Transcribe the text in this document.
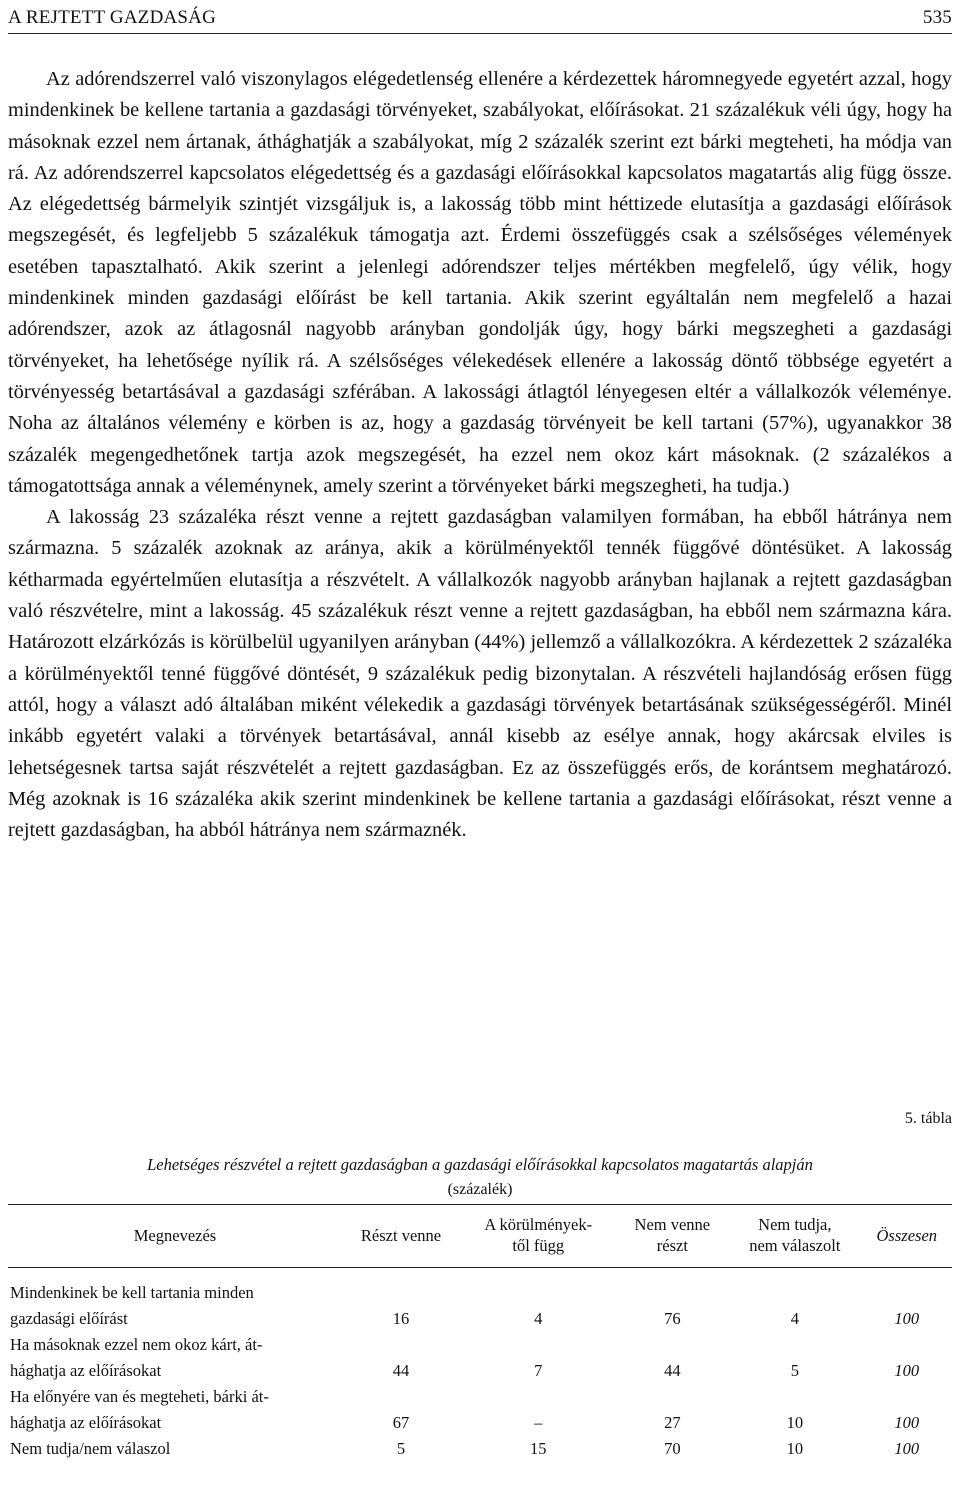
A REJTETT GAZDASÁG	535

Az adórendszerrel való viszonylagos elégedetlenség ellenére a kérdezettek háromnegyede egyetért azzal, hogy mindenkinek be kellene tartania a gazdasági törvényeket, szabályokat, előírásokat. 21 százalékuk véli úgy, hogy ha másoknak ezzel nem ártanak, áthághatják a szabályokat, míg 2 százalék szerint ezt bárki megteheti, ha módja van rá. Az adórendszerrel kapcsolatos elégedettség és a gazdasági előírásokkal kapcsolatos magatartás alig függ össze. Az elégedettség bármelyik szintjét vizsgáljuk is, a lakosság több mint héttizede elutasítja a gazdasági előírások megszegését, és legfeljebb 5 százalékuk támogatja azt. Érdemi összefüggés csak a szélsőséges vélemények esetében tapasztalható. Akik szerint a jelenlegi adórendszer teljes mértékben megfelelő, úgy vélik, hogy mindenkinek minden gazdasági előírást be kell tartania. Akik szerint egyáltalán nem megfelelő a hazai adórendszer, azok az átlagosnál nagyobb arányban gondolják úgy, hogy bárki megszegheti a gazdasági törvényeket, ha lehetősége nyílik rá. A szélsőséges vélekedések ellenére a lakosság döntő többsége egyetért a törvényesség betartásával a gazdasági szférában. A lakossági átlagtól lényegesen eltér a vállalkozók véleménye. Noha az általános vélemény e körben is az, hogy a gazdaság törvényeit be kell tartani (57%), ugyanakkor 38 százalék megengedhetőnek tartja azok megszegését, ha ezzel nem okoz kárt másoknak. (2 százalékos a támogatottsága annak a véleménynek, amely szerint a törvényeket bárki megszegheti, ha tudja.)

A lakosság 23 százaléka részt venne a rejtett gazdaságban valamilyen formában, ha ebből hátránya nem származna. 5 százalék azoknak az aránya, akik a körülményektől tennék függővé döntésüket. A lakosság kétharmada egyértelműen elutasítja a részvételt. A vállalkozók nagyobb arányban hajlanak a rejtett gazdaságban való részvételre, mint a lakosság. 45 százalékuk részt venne a rejtett gazdaságban, ha ebből nem származna kára. Határozott elzárkózás is körülbelül ugyanilyen arányban (44%) jellemző a vállalkozókra. A kérdezettek 2 százaléka a körülményektől tenné függővé döntését, 9 százalékuk pedig bizonytalan. A részvételi hajlandóság erősen függ attól, hogy a választ adó általában miként vélekedik a gazdasági törvények betartásának szükségességéről. Minél inkább egyetért valaki a törvények betartásával, annál kisebb az esélye annak, hogy akárcsak elviles is lehetségesnek tartsa saját részvételét a rejtett gazdaságban. Ez az összefüggés erős, de korántsem meghatározó. Még azoknak is 16 százaléka akik szerint mindenkinek be kellene tartania a gazdasági előírásokat, részt venne a rejtett gazdaságban, ha abból hátránya nem származnék.

5. tábla
Lehetséges részvétel a rejtett gazdaságban a gazdasági előírásokkal kapcsolatos magatartás alapján
(százalék)
Megnevezés	Részt venne	A körülmények-
től függ	Nem venne
részt	Nem tudja,
nem válaszolt	Összesen
Mindenkinek be kell tartania minden
gazdasági előírást	16	4	76	4	100
Ha másoknak ezzel nem okoz kárt, át-
hághatja az előírásokat	44	7	44	5	100
Ha előnyére van és megteheti, bárki át-
hághatja az előírásokat	67	–	27	10	100
Nem tudja/nem válaszol	5	15	70	10	100
